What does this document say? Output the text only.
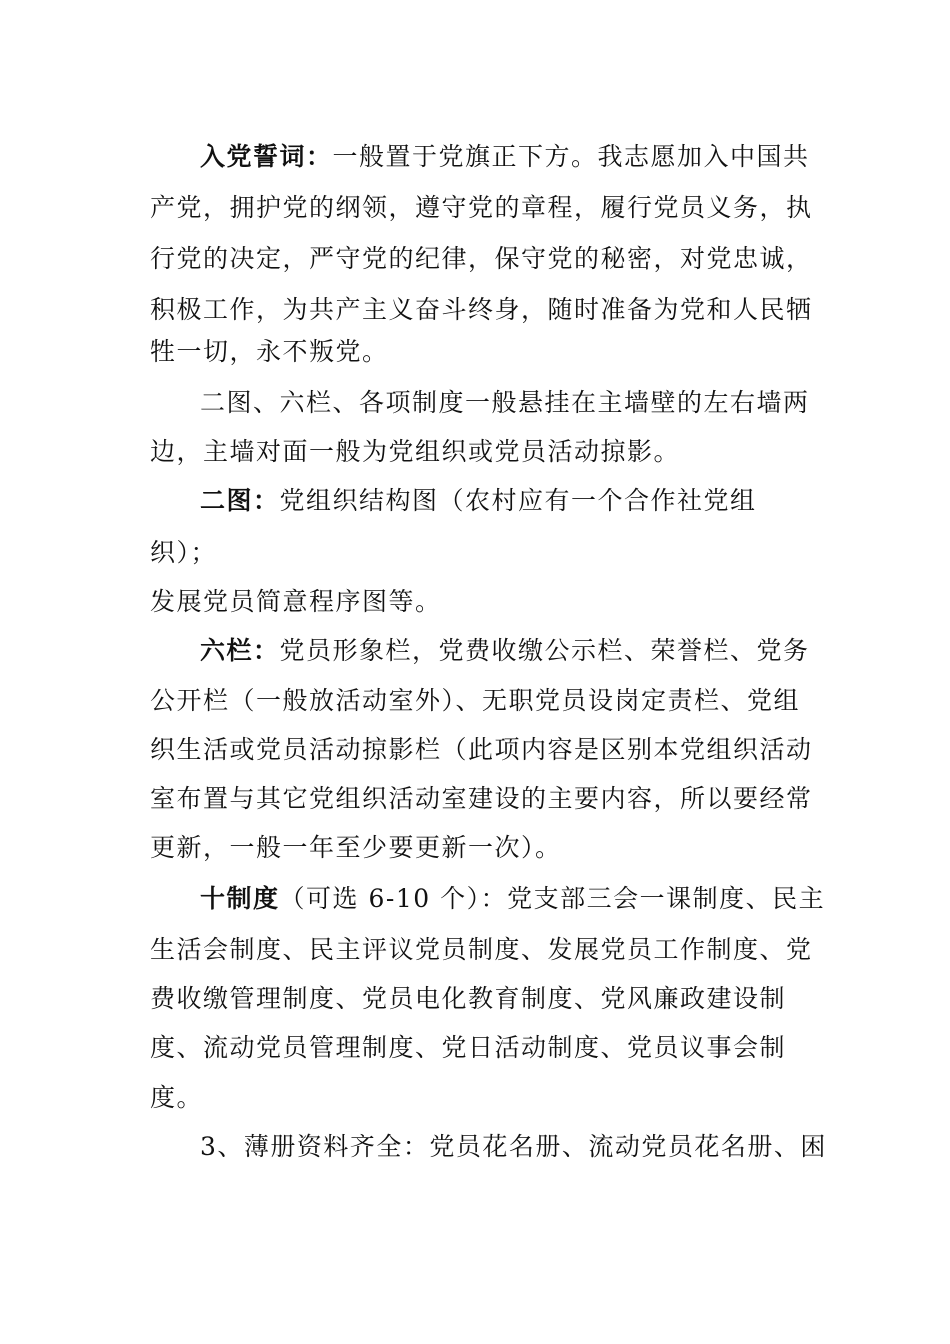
入党誓词：一般置于党旗正下方。我志愿加入中国共
产党，拥护党的纲领，遵守党的章程，履行党员义务，执
行党的决定，严守党的纪律，保守党的秘密，对党忠诚，
积极工作，为共产主义奋斗终身，随时准备为党和人民牺
牲一切，永不叛党。
二图、六栏、各项制度一般悬挂在主墙壁的左右墙两
边，主墙对面一般为党组织或党员活动掠影。
二图：党组织结构图（农村应有一个合作社党组
织）；
发展党员简意程序图等。
六栏：党员形象栏，党费收缴公示栏、荣誉栏、党务
公开栏（一般放活动室外）、无职党员设岗定责栏、党组
织生活或党员活动掠影栏（此项内容是区别本党组织活动
室布置与其它党组织活动室建设的主要内容，所以要经常
更新，一般一年至少要更新一次）。
十制度（可选 6-10 个）：党支部三会一课制度、民主
生活会制度、民主评议党员制度、发展党员工作制度、党
费收缴管理制度、党员电化教育制度、党风廉政建设制
度、流动党员管理制度、党日活动制度、党员议事会制
度。
3、薄册资料齐全：党员花名册、流动党员花名册、困
